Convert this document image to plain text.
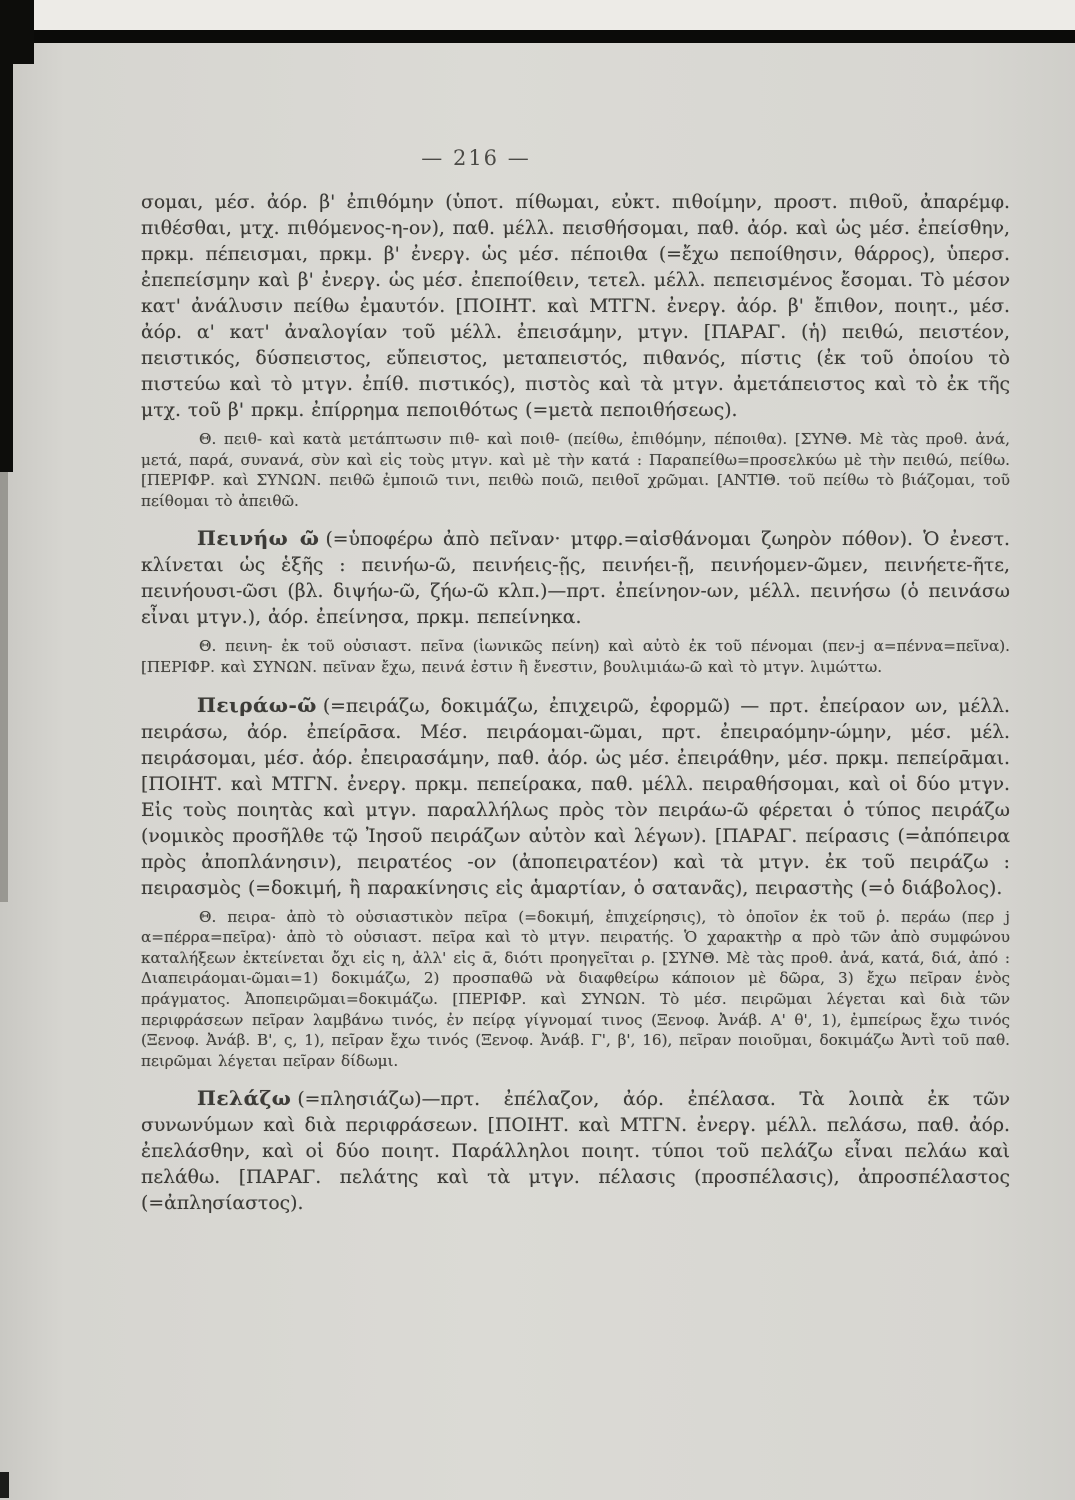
— 216 —

σομαι, μέσ. ἀόρ. β' ἐπιθόμην (ὑποτ. πίθωμαι, εὐκτ. πιθοίμην, προστ. πιθοῦ, ἀπαρέμφ. πιθέσθαι, μτχ. πιθόμενος-η-ον), παθ. μέλλ. πεισθήσομαι, παθ. ἀόρ. καὶ ὡς μέσ. ἐπείσθην, πρκμ. πέπεισμαι, πρκμ. β' ἐνεργ. ὡς μέσ. πέποιθα (=ἔχω πεποίθησιν, θάρρος), ὑπερσ. ἐπεπείσμην καὶ β' ἐνεργ. ὡς μέσ. ἐπεποίθειν, τετελ. μέλλ. πεπεισμένος ἔσομαι. Τὸ μέσον κατ' ἀνάλυσιν πείθω ἐμαυτόν. [ΠΟΙΗΤ. καὶ ΜΤΓΝ. ἐνεργ. ἀόρ. β' ἔπιθον, ποιητ., μέσ. ἀόρ. α' κατ' ἀναλογίαν τοῦ μέλλ. ἐπεισάμην, μτγν. [ΠΑΡΑΓ. (ἡ) πειθώ, πειστέον, πειστικός, δύσπειστος, εὔπειστος, μεταπειστός, πιθανός, πίστις (ἐκ τοῦ ὁποίου τὸ πιστεύω καὶ τὸ μτγν. ἐπίθ. πιστικός), πιστὸς καὶ τὰ μτγν. ἀμετάπειστος καὶ τὸ ἐκ τῆς μτχ. τοῦ β' πρκμ. ἐπίρρημα πεποιθότως (=μετὰ πεποιθήσεως).

Θ. πειθ- καὶ κατὰ μετάπτωσιν πιθ- καὶ ποιθ- (πείθω, ἐπιθόμην, πέποιθα). [ΣΥΝΘ. Μὲ τὰς προθ. ἀνά, μετά, παρά, συνανά, σὺν καὶ εἰς τοὺς μτγν. καὶ μὲ τὴν κατά : Παραπείθω=προσελκύω μὲ τὴν πειθώ, πείθω. [ΠΕΡΙΦΡ. καὶ ΣΥΝΩΝ. πειθῶ ἐμποιῶ τινι, πειθὼ ποιῶ, πειθοῖ χρῶμαι. [ΑΝΤΙΘ. τοῦ πείθω τὸ βιάζομαι, τοῦ πείθομαι τὸ ἀπειθῶ.

Πεινήω ῶ (=ὑποφέρω ἀπὸ πεῖναν· μτφρ.=αἰσθάνομαι ζωηρὸν πόθον). Ὁ ἐνεστ. κλίνεται ὡς ἑξῆς : πεινήω-ῶ, πεινήεις-ῇς, πεινήει-ῇ, πεινήομεν-ῶμεν, πεινήετε-ῆτε, πεινήουσι-ῶσι (βλ. διψήω-ῶ, ζήω-ῶ κλπ.)—πρτ. ἐπείνηον-ων, μέλλ. πεινήσω (ὁ πεινάσω εἶναι μτγν.), ἀόρ. ἐπείνησα, πρκμ. πεπείνηκα.

Θ. πεινη- ἐκ τοῦ οὐσιαστ. πεῖνα (ἰωνικῶς πείνη) καὶ αὐτὸ ἐκ τοῦ πένομαι (πεν-j α=πέννα=πεῖνα). [ΠΕΡΙΦΡ. καὶ ΣΥΝΩΝ. πεῖναν ἔχω, πεινά ἐστιν ἢ ἔνεστιν, βουλιμιάω-ῶ καὶ τὸ μτγν. λιμώττω.

Πειράω-ῶ (=πειράζω, δοκιμάζω, ἐπιχειρῶ, ἐφορμῶ) — πρτ. ἐπείραον ων, μέλλ. πειράσω, ἀόρ. ἐπείρᾱσα. Μέσ. πειράομαι-ῶμαι, πρτ. ἐπειραόμην-ώμην, μέσ. μέλ. πειράσομαι, μέσ. ἀόρ. ἐπειρασάμην, παθ. ἀόρ. ὡς μέσ. ἐπειράθην, μέσ. πρκμ. πεπείρᾱμαι. [ΠΟΙΗΤ. καὶ ΜΤΓΝ. ἐνεργ. πρκμ. πεπείρακα, παθ. μέλλ. πειραθήσομαι, καὶ οἱ δύο μτγν. Εἰς τοὺς ποιητὰς καὶ μτγν. παραλλήλως πρὸς τὸν πειράω-ῶ φέρεται ὁ τύπος πειράζω (νομικὸς προσῆλθε τῷ Ἰησοῦ πειράζων αὐτὸν καὶ λέγων). [ΠΑΡΑΓ. πείρασις (=ἀπόπειρα πρὸς ἀποπλάνησιν), πειρατέος -ον (ἀποπειρατέον) καὶ τὰ μτγν. ἐκ τοῦ πειράζω : πειρασμὸς (=δοκιμή, ἢ παρακίνησις εἰς ἁμαρτίαν, ὁ σατανᾶς), πειραστὴς (=ὁ διάβολος).

Θ. πειρα- ἀπὸ τὸ οὐσιαστικὸν πεῖρα (=δοκιμή, ἐπιχείρησις), τὸ ὁποῖον ἐκ τοῦ ῥ. περάω (περ j α=πέρρα=πεῖρα)· ἀπὸ τὸ οὐσιαστ. πεῖρα καὶ τὸ μτγν. πειρατής. Ὁ χαρακτὴρ α πρὸ τῶν ἀπὸ συμφώνου καταλήξεων ἐκτείνεται ὄχι εἰς η, ἀλλ' εἰς ᾱ, διότι προηγεῖται ρ. [ΣΥΝΘ. Μὲ τὰς προθ. ἀνά, κατά, διά, ἀπό : Διαπειράομαι-ῶμαι=1) δοκιμάζω, 2) προσπαθῶ νὰ διαφθείρω κάποιον μὲ δῶρα, 3) ἔχω πεῖραν ἑνὸς πράγματος. Ἀποπειρῶμαι=δοκιμάζω. [ΠΕΡΙΦΡ. καὶ ΣΥΝΩΝ. Τὸ μέσ. πειρῶμαι λέγεται καὶ διὰ τῶν περιφράσεων πεῖραν λαμβάνω τινός, ἐν πείρᾳ γίγνομαί τινος (Ξενοφ. Ἀνάβ. Α' θ', 1), ἐμπείρως ἔχω τινός (Ξενοφ. Ἀνάβ. Β', ς, 1), πεῖραν ἔχω τινός (Ξενοφ. Ἀνάβ. Γ', β', 16), πεῖραν ποιοῦμαι, δοκιμάζω Ἀντὶ τοῦ παθ. πειρῶμαι λέγεται πεῖραν δίδωμι.

Πελάζω (=πλησιάζω)—πρτ. ἐπέλαζον, ἀόρ. ἐπέλασα. Τὰ λοιπὰ ἐκ τῶν συνωνύμων καὶ διὰ περιφράσεων. [ΠΟΙΗΤ. καὶ ΜΤΓΝ. ἐνεργ. μέλλ. πελάσω, παθ. ἀόρ. ἐπελάσθην, καὶ οἱ δύο ποιητ. Παράλληλοι ποιητ. τύποι τοῦ πελάζω εἶναι πελάω καὶ πελάθω. [ΠΑΡΑΓ. πελάτης καὶ τὰ μτγν. πέλασις (προσπέλασις), ἀπροσπέλαστος (=ἀπλησίαστος).
